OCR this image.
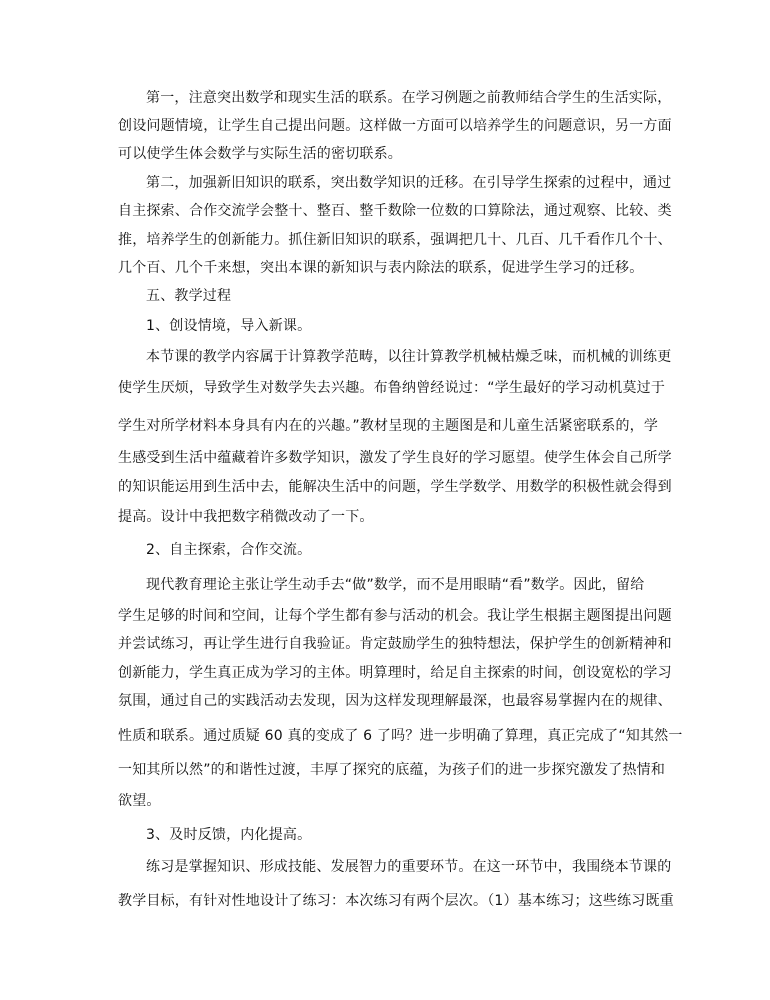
第一，注意突出数学和现实生活的联系。在学习例题之前教师结合学生的生活实际，
创设问题情境，让学生自己提出问题。这样做一方面可以培养学生的问题意识，另一方面
可以使学生体会数学与实际生活的密切联系。
第二，加强新旧知识的联系，突出数学知识的迁移。在引导学生探索的过程中，通过
自主探索、合作交流学会整十、整百、整千数除一位数的口算除法，通过观察、比较、类
推，培养学生的创新能力。抓住新旧知识的联系，强调把几十、几百、几千看作几个十、
几个百、几个千来想，突出本课的新知识与表内除法的联系，促进学生学习的迁移。
五、教学过程
1、创设情境，导入新课。
本节课的教学内容属于计算教学范畴，以往计算教学机械枯燥乏味，而机械的训练更
使学生厌烦，导致学生对数学失去兴趣。布鲁纳曾经说过：“学生最好的学习动机莫过于
学生对所学材料本身具有内在的兴趣。”教材呈现的主题图是和儿童生活紧密联系的，学
生感受到生活中蕴藏着许多数学知识，激发了学生良好的学习愿望。使学生体会自己所学
的知识能运用到生活中去，能解决生活中的问题，学生学数学、用数学的积极性就会得到
提高。设计中我把数字稍微改动了一下。
2、自主探索，合作交流。
现代教育理论主张让学生动手去“做”数学，而不是用眼睛“看”数学。因此，留给
学生足够的时间和空间，让每个学生都有参与活动的机会。我让学生根据主题图提出问题
并尝试练习，再让学生进行自我验证。肯定鼓励学生的独特想法，保护学生的创新精神和
创新能力，学生真正成为学习的主体。明算理时，给足自主探索的时间，创设宽松的学习
氛围，通过自己的实践活动去发现，因为这样发现理解最深，也最容易掌握内在的规律、
性质和联系。通过质疑 60 真的变成了 6 了吗？进一步明确了算理，真正完成了“知其然一
一知其所以然”的和谐性过渡，丰厚了探究的底蕴，为孩子们的进一步探究激发了热情和
欲望。
3、及时反馈，内化提高。
练习是掌握知识、形成技能、发展智力的重要环节。在这一环节中，我围绕本节课的
教学目标，有针对性地设计了练习：本次练习有两个层次。（1）基本练习；这些练习既重
